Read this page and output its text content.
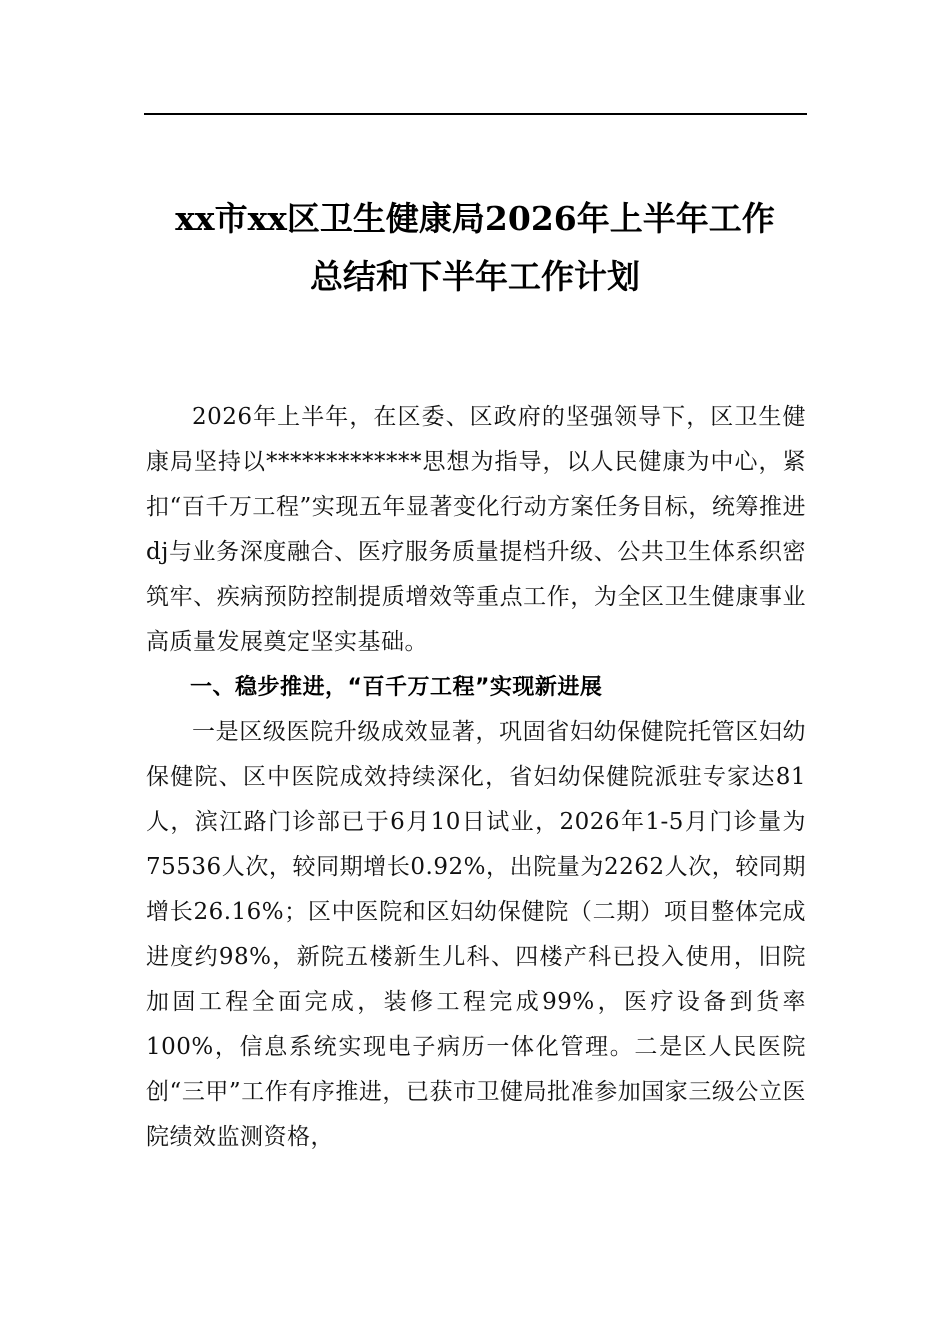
xx市xx区卫生健康局2026年上半年工作
总结和下半年工作计划

2026年上半年，在区委、区政府的坚强领导下，区卫生健康局坚持以*************思想为指导，以人民健康为中心，紧扣“百千万工程”实现五年显著变化行动方案任务目标，统筹推进dj与业务深度融合、医疗服务质量提档升级、公共卫生体系织密筑牢、疾病预防控制提质增效等重点工作，为全区卫生健康事业高质量发展奠定坚实基础。

一、稳步推进，“百千万工程”实现新进展

一是区级医院升级成效显著，巩固省妇幼保健院托管区妇幼保健院、区中医院成效持续深化，省妇幼保健院派驻专家达81人，滨江路门诊部已于6月10日试业，2026年1-5月门诊量为75536人次，较同期增长0.92%，出院量为2262人次，较同期增长26.16%；区中医院和区妇幼保健院（二期）项目整体完成进度约98%，新院五楼新生儿科、四楼产科已投入使用，旧院加固工程全面完成，装修工程完成99%，医疗设备到货率100%，信息系统实现电子病历一体化管理。二是区人民医院创“三甲”工作有序推进，已获市卫健局批准参加国家三级公立医院绩效监测资格，
